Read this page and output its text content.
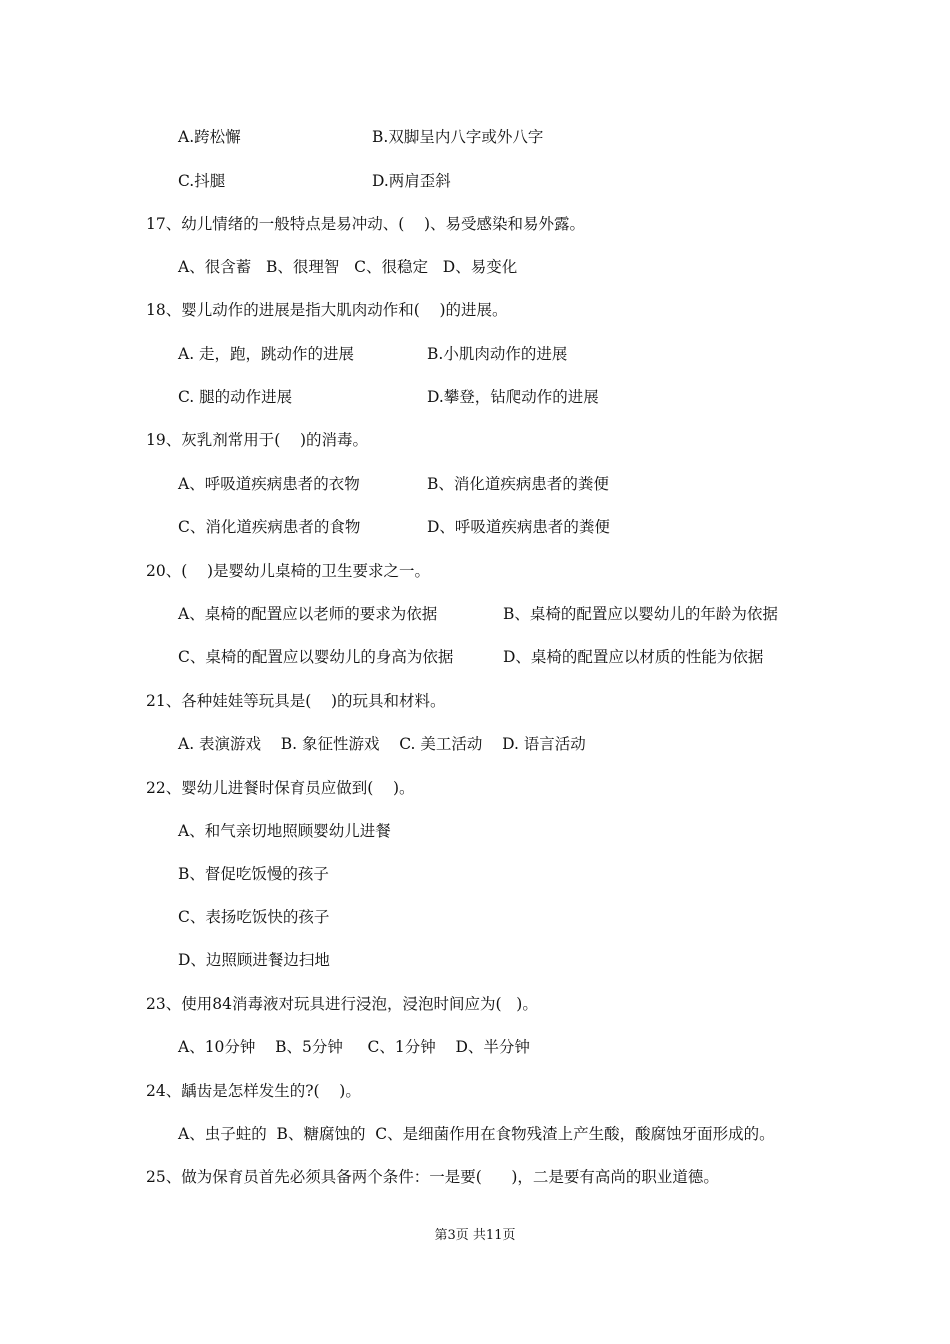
A.跨松懈	B.双脚呈内八字或外八字
C.抖腿	D.两肩歪斜
17、幼儿情绪的一般特点是易冲动、(    )、易受感染和易外露。
A、很含蓄   B、很理智   C、很稳定   D、易变化
18、婴儿动作的进展是指大肌肉动作和(    )的进展。
A. 走，跑，跳动作的进展	B.小肌肉动作的进展
C. 腿的动作进展	D.攀登，钻爬动作的进展
19、灰乳剂常用于(    )的消毒。
A、呼吸道疾病患者的衣物	B、消化道疾病患者的粪便
C、消化道疾病患者的食物	D、呼吸道疾病患者的粪便
20、(    )是婴幼儿桌椅的卫生要求之一。
A、桌椅的配置应以老师的要求为依据	B、桌椅的配置应以婴幼儿的年龄为依据
C、桌椅的配置应以婴幼儿的身高为依据	D、桌椅的配置应以材质的性能为依据
21、各种娃娃等玩具是(    )的玩具和材料。
A. 表演游戏    B. 象征性游戏    C. 美工活动    D. 语言活动
22、婴幼儿进餐时保育员应做到(    )。
A、和气亲切地照顾婴幼儿进餐
B、督促吃饭慢的孩子
C、表扬吃饭快的孩子
D、边照顾进餐边扫地
23、使用84消毒液对玩具进行浸泡，浸泡时间应为(   )。
A、10分钟    B、5分钟     C、1分钟    D、半分钟
24、龋齿是怎样发生的?(    )。
A、虫子蛀的  B、糖腐蚀的  C、是细菌作用在食物残渣上产生酸，酸腐蚀牙面形成的。
25、做为保育员首先必须具备两个条件：一是要(      )，二是要有高尚的职业道德。
第3页 共11页
